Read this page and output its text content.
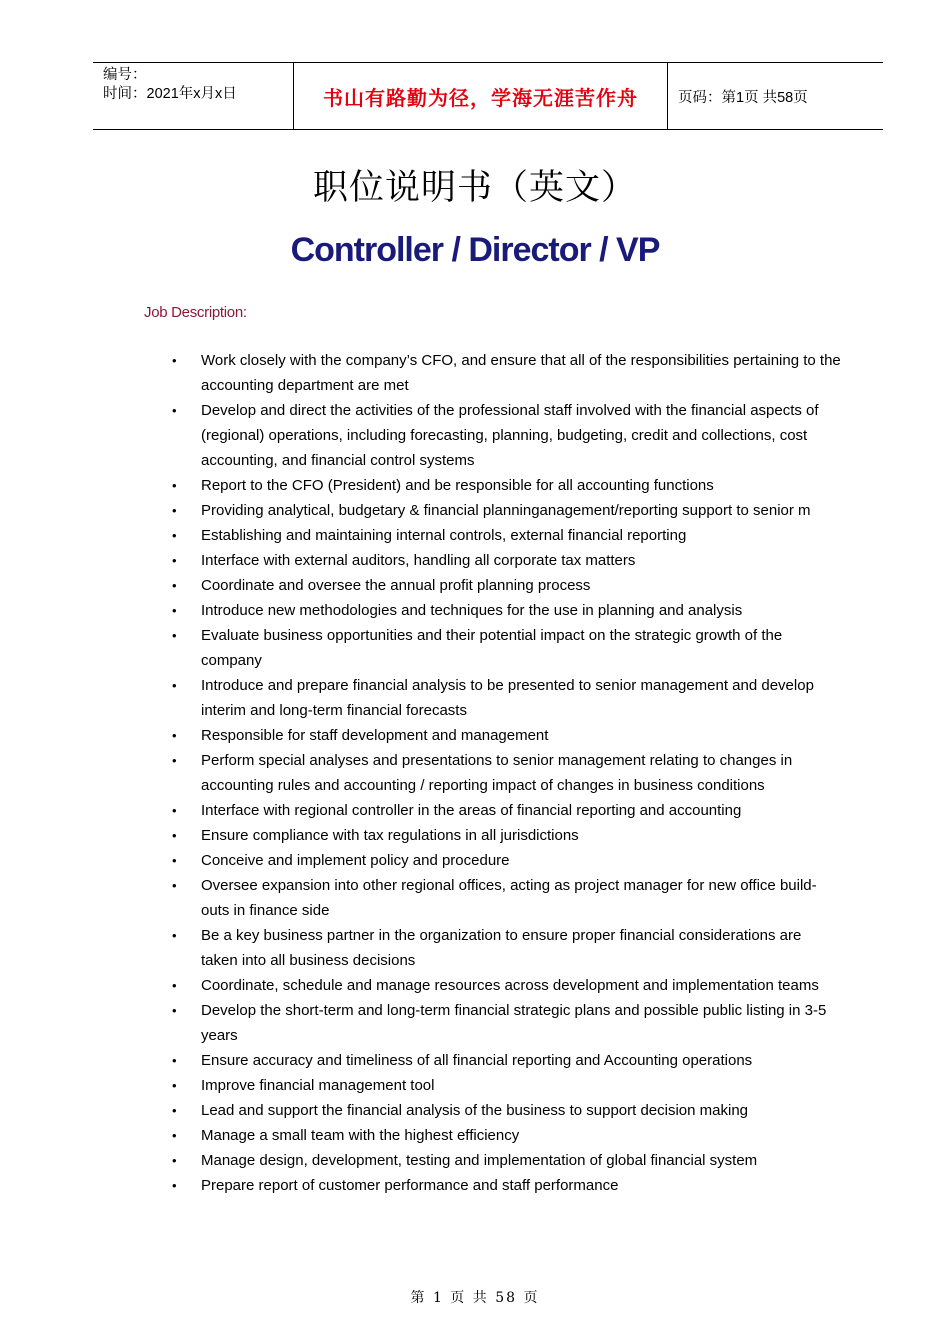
编号：
时间：2021年x月x日	书山有路勤为径，学海无涯苦作舟	页码：第1页 共58页
职位说明书（英文）
Controller / Director / VP
Job Description:
• Work closely with the company’s CFO, and ensure that all of the responsibilities pertaining to the accounting department are met
• Develop and direct the activities of the professional staff involved with the financial aspects of (regional) operations, including forecasting, planning, budgeting, credit and collections, cost accounting, and financial control systems
• Report to the CFO (President) and be responsible for all accounting functions
• Providing analytical, budgetary & financial planninganagement/reporting support to senior m
• Establishing and maintaining internal controls, external financial reporting
• Interface with external auditors, handling all corporate tax matters
• Coordinate and oversee the annual profit planning process
• Introduce new methodologies and techniques for the use in planning and analysis
• Evaluate business opportunities and their potential impact on the strategic growth of the company
• Introduce and prepare financial analysis to be presented to senior management and develop interim and long-term financial forecasts
• Responsible for staff development and management
• Perform special analyses and presentations to senior management relating to changes in accounting rules and accounting / reporting impact of changes in business conditions
• Interface with regional controller in the areas of financial reporting and accounting
• Ensure compliance with tax regulations in all jurisdictions
• Conceive and implement policy and procedure
• Oversee expansion into other regional offices, acting as project manager for new office build-outs in finance side
• Be a key business partner in the organization to ensure proper financial considerations are taken into all business decisions
• Coordinate, schedule and manage resources across development and implementation teams
• Develop the short-term and long-term financial strategic plans and possible public listing in 3-5 years
• Ensure accuracy and timeliness of all financial reporting and Accounting operations
• Improve financial management tool
• Lead and support the financial analysis of the business to support decision making
• Manage a small team with the highest efficiency
• Manage design, development, testing and implementation of global financial system
• Prepare report of customer performance and staff performance
第 1 页 共 58 页
